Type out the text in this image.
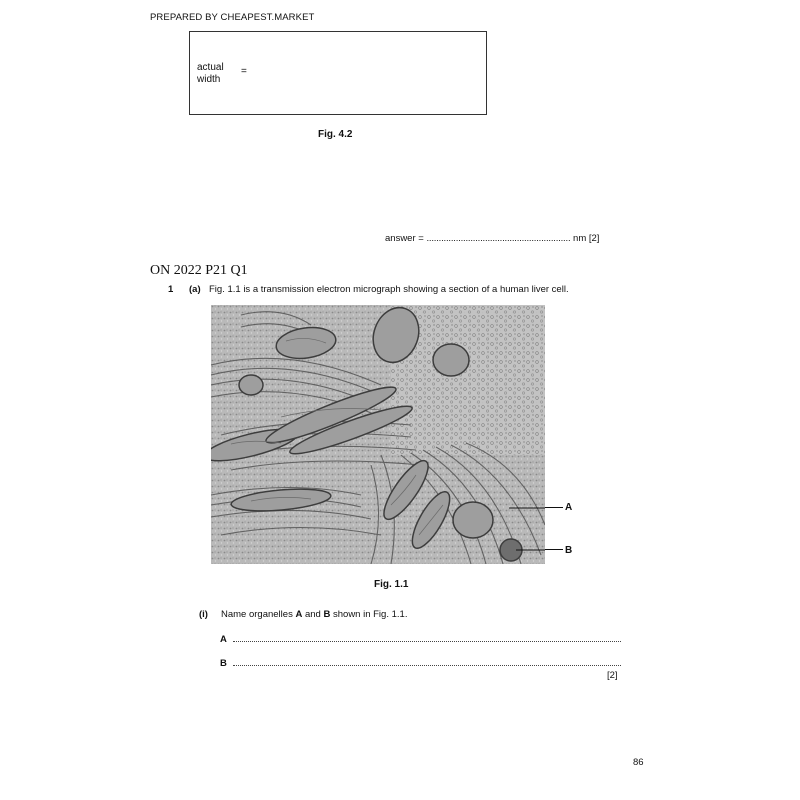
PREPARED BY CHEAPEST.MARKET
actual
width
=
Fig. 4.2
answer = ........................................................... nm [2]
ON 2022 P21 Q1
1 (a) Fig. 1.1 is a transmission electron micrograph showing a section of a human liver cell.
A
B
Fig. 1.1
(i) Name organelles A and B shown in Fig. 1.1.
A
B
[2]
86
